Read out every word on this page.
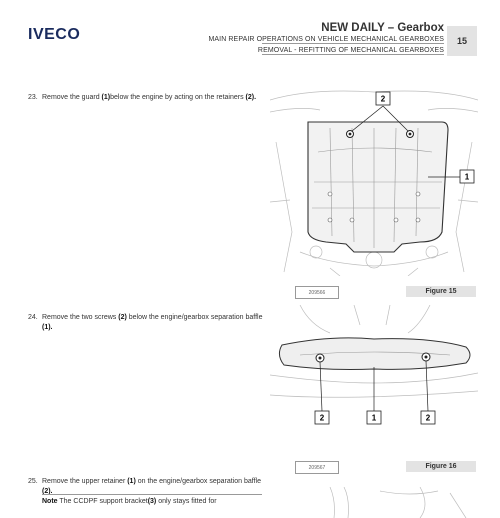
IVECO	NEW DAILY – Gearbox
MAIN REPAIR OPERATIONS ON VEHICLE MECHANICAL GEARBOXES
REMOVAL - REFITTING OF MECHANICAL GEARBOXES
15
23. Remove the guard (1)below the engine by acting on the retainers (2).	2
1
209566	Figure 15
24. Remove the two screws (2) below the engine/gearbox separation baffle (1).
2	1	2
209567	Figure 16
25. Remove the upper retainer (1) on the engine/gearbox separation baffle (2).
Note The CCDPF support bracket(3) only stays fitted for
